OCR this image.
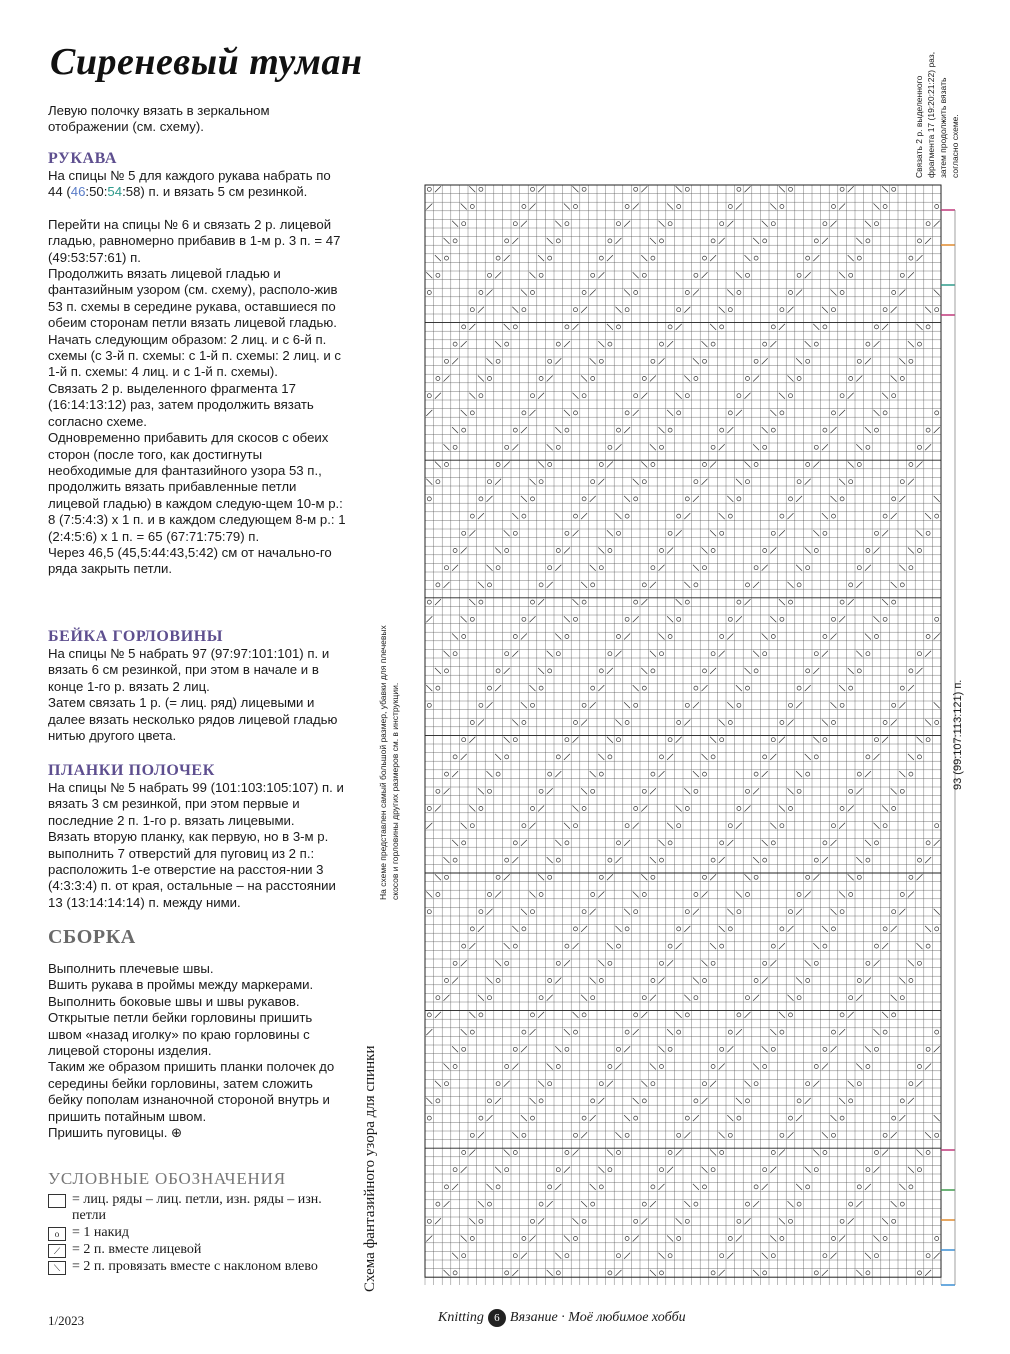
Сиреневый туман

Левую полочку вязать в зеркальном отображении (см. схему).

РУКАВА

На спицы № 5 для каждого рукава набрать по 44 (46:50:54:58) п. и вязать 5 см резинкой.

Перейти на спицы № 6 и связать 2 р. лицевой гладью, равномерно прибавив в 1-м р. 3 п. = 47 (49:53:57:61) п.

Продолжить вязать лицевой гладью и фантазийным узором (см. схему), располо-жив 53 п. схемы в середине рукава, оставшиеся по обеим сторонам петли вязать лицевой гладью.

Начать следующим образом: 2 лиц. и с 6-й п. схемы (с 3-й п. схемы: с 1-й п. схемы: 2 лиц. и с 1-й п. схемы: 4 лиц. и с 1-й п. схемы).

Связать 2 р. выделенного фрагмента 17 (16:14:13:12) раз, затем продолжить вязать согласно схеме.

Одновременно прибавить для скосов с обеих сторон (после того, как достигнуты необходимые для фантазийного узора 53 п., продолжить вязать прибавленные петли лицевой гладью) в каждом следую-щем 10-м р.: 8 (7:5:4:3) x 1 п. и в каждом следующем 8-м р.: 1 (2:4:5:6) x 1 п. = 65 (67:71:75:79) п.

Через 46,5 (45,5:44:43,5:42) см от начально-го ряда закрыть петли.

БЕЙКА ГОРЛОВИНЫ

На спицы № 5 набрать 97 (97:97:101:101) п. и вязать 6 см резинкой, при этом в начале и в конце 1-го р. вязать 2 лиц.

Затем связать 1 р. (= лиц. ряд) лицевыми и далее вязать несколько рядов лицевой гладью нитью другого цвета.

ПЛАНКИ ПОЛОЧЕК

На спицы № 5 набрать 99 (101:103:105:107) п. и вязать 3 см резинкой, при этом первые и последние 2 п. 1-го р. вязать лицевыми.

Вязать вторую планку, как первую, но в 3-м р. выполнить 7 отверстий для пуговиц из 2 п.: расположить 1-е отверстие на расстоя-нии 3 (4:3:3:4) п. от края, остальные – на расстоянии 13 (13:14:14:14) п. между ними.

СБОРКА

Выполнить плечевые швы.

Вшить рукава в проймы между маркерами.

Выполнить боковые швы и швы рукавов.

Открытые петли бейки горловины пришить швом «назад иголку» по краю горловины с лицевой стороны изделия.

Таким же образом пришить планки полочек до середины бейки горловины, затем сложить бейку пополам изнаночной стороной внутрь и пришить потайным швом.

Пришить пуговицы. ⊕

УСЛОВНЫЕ ОБОЗНАЧЕНИЯ
= лиц. ряды – лиц. петли, изн. ряды – изн. петли
o = 1 накид
⟋ = 2 п. вместе лицевой
⟍ = 2 п. провязать вместе с наклоном влево	Схема фантазийного узора для спинки
На схеме представлен самый большой размер, убавки для плечевых скосов и горловины других размеров см. в инструкции.
Связать 2 р. выделенного фрагмента 17 (19:20:21:22) раз, затем продолжить вязать согласно схеме.
93 (99:107:113:121) п.
1/2023	Knitting 6 Вязание · Моё любимое хобби
